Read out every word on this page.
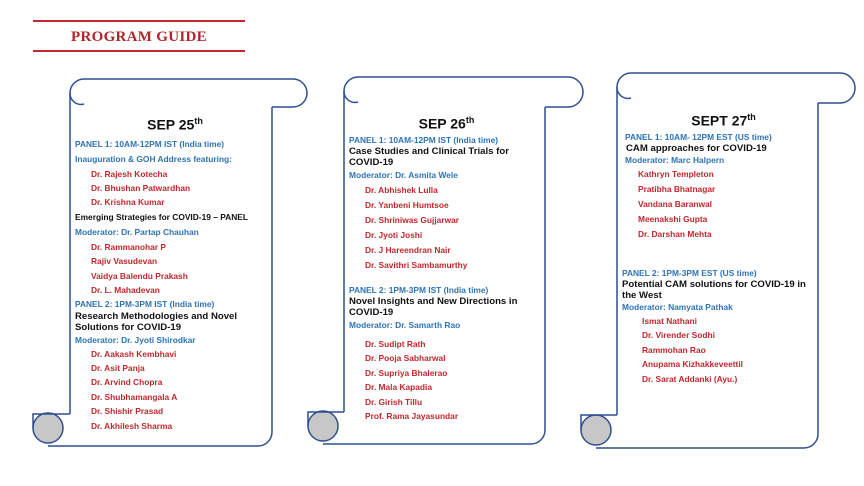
PROGRAM GUIDE
SEP 25th

PANEL 1: 10AM-12PM IST (India time)

Inauguration & GOH Address featuring:

Dr. Rajesh Kotecha
Dr. Bhushan Patwardhan
Dr. Krishna Kumar

Emerging Strategies for COVID-19 – PANEL

Moderator: Dr. Partap Chauhan

Dr. Rammanohar P
Rajiv Vasudevan
Vaidya Balendu Prakash
Dr. L. Mahadevan

PANEL 2: 1PM-3PM IST (India time)

Research Methodologies and Novel Solutions for COVID-19

Moderator: Dr. Jyoti Shirodkar

Dr. Aakash Kembhavi
Dr. Asit Panja
Dr. Arvind Chopra
Dr. Shubhamangala A
Dr. Shishir Prasad
Dr. Akhilesh Sharma
SEP 26th

PANEL 1: 10AM-12PM IST (India time)

Case Studies and Clinical Trials for COVID-19

Moderator: Dr. Asmita Wele

Dr. Abhishek Lulla
Dr. Yanbeni Humtsoe
Dr. Shriniwas Gujjarwar
Dr. Jyoti Joshi
Dr. J Hareendran Nair
Dr. Savithri Sambamurthy

PANEL 2: 1PM-3PM IST (India time)

Novel Insights and New Directions in COVID-19

Moderator: Dr. Samarth Rao

Dr. Sudipt Rath
Dr. Pooja Sabharwal
Dr. Supriya Bhalerao
Dr. Mala Kapadia
Dr. Girish Tillu
Prof. Rama Jayasundar
SEPT 27th

PANEL 1: 10AM- 12PM EST (US time)

CAM approaches for COVID-19

Moderator: Marc Halpern

Kathryn Templeton
Pratibha Bhatnagar
Vandana Baranwal
Meenakshi Gupta
Dr. Darshan Mehta

PANEL 2: 1PM-3PM EST (US time)

Potential CAM solutions for COVID-19 in the West

Moderator: Namyata Pathak

Ismat Nathani
Dr. Virender Sodhi
Rammohan Rao
Anupama Kizhakkeveettil
Dr. Sarat Addanki (Ayu.)
